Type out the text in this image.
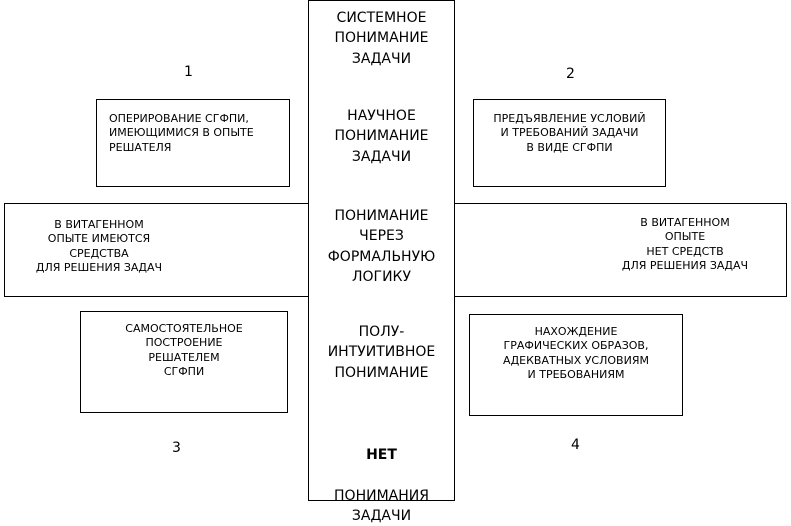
СИСТЕМНОЕ
ПОНИМАНИЕ
ЗАДАЧИ
НАУЧНОЕ
ПОНИМАНИЕ
ЗАДАЧИ
ПОНИМАНИЕ
ЧЕРЕЗ
ФОРМАЛЬНУЮ
ЛОГИКУ
ПОЛУ-
ИНТУИТИВНОЕ
ПОНИМАНИЕ

НЕТ

ПОНИМАНИЯ
ЗАДАЧИ

В ВИТАГЕННОМ
ОПЫТЕ ИМЕЮТСЯ
СРЕДСТВА
ДЛЯ РЕШЕНИЯ ЗАДАЧ
В ВИТАГЕННОМ
ОПЫТЕ
НЕТ СРЕДСТВ
ДЛЯ РЕШЕНИЯ ЗАДАЧ
1	2
3	4
ОПЕРИРОВАНИЕ СГФПИ,
ИМЕЮЩИМИСЯ В ОПЫТЕ
РЕШАТЕЛЯ
ПРЕДЪЯВЛЕНИЕ УСЛОВИЙ
И ТРЕБОВАНИЙ ЗАДАЧИ
В ВИДЕ СГФПИ
САМОСТОЯТЕЛЬНОЕ
ПОСТРОЕНИЕ
РЕШАТЕЛЕМ
СГФПИ
НАХОЖДЕНИЕ
ГРАФИЧЕСКИХ ОБРАЗОВ,
АДЕКВАТНЫХ УСЛОВИЯМ
И ТРЕБОВАНИЯМ
